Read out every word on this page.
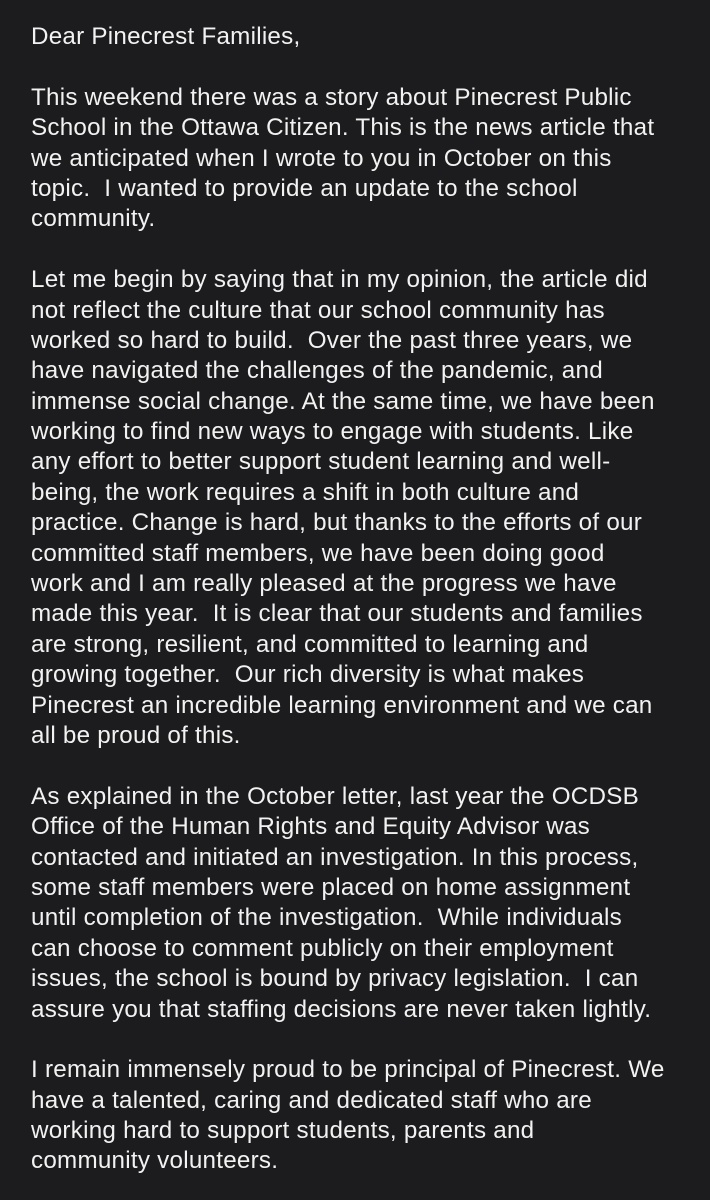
Dear Pinecrest Families,
This weekend there was a story about Pinecrest Public
School in the Ottawa Citizen. This is the news article that
we anticipated when I wrote to you in October on this
topic.  I wanted to provide an update to the school
community.
Let me begin by saying that in my opinion, the article did
not reflect the culture that our school community has
worked so hard to build.  Over the past three years, we
have navigated the challenges of the pandemic, and
immense social change. At the same time, we have been
working to find new ways to engage with students. Like
any effort to better support student learning and well-
being, the work requires a shift in both culture and
practice. Change is hard, but thanks to the efforts of our
committed staff members, we have been doing good
work and I am really pleased at the progress we have
made this year.  It is clear that our students and families
are strong, resilient, and committed to learning and
growing together.  Our rich diversity is what makes
Pinecrest an incredible learning environment and we can
all be proud of this.
As explained in the October letter, last year the OCDSB
Office of the Human Rights and Equity Advisor was
contacted and initiated an investigation. In this process,
some staff members were placed on home assignment
until completion of the investigation.  While individuals
can choose to comment publicly on their employment
issues, the school is bound by privacy legislation.  I can
assure you that staffing decisions are never taken lightly.
I remain immensely proud to be principal of Pinecrest. We
have a talented, caring and dedicated staff who are
working hard to support students, parents and
community volunteers.
